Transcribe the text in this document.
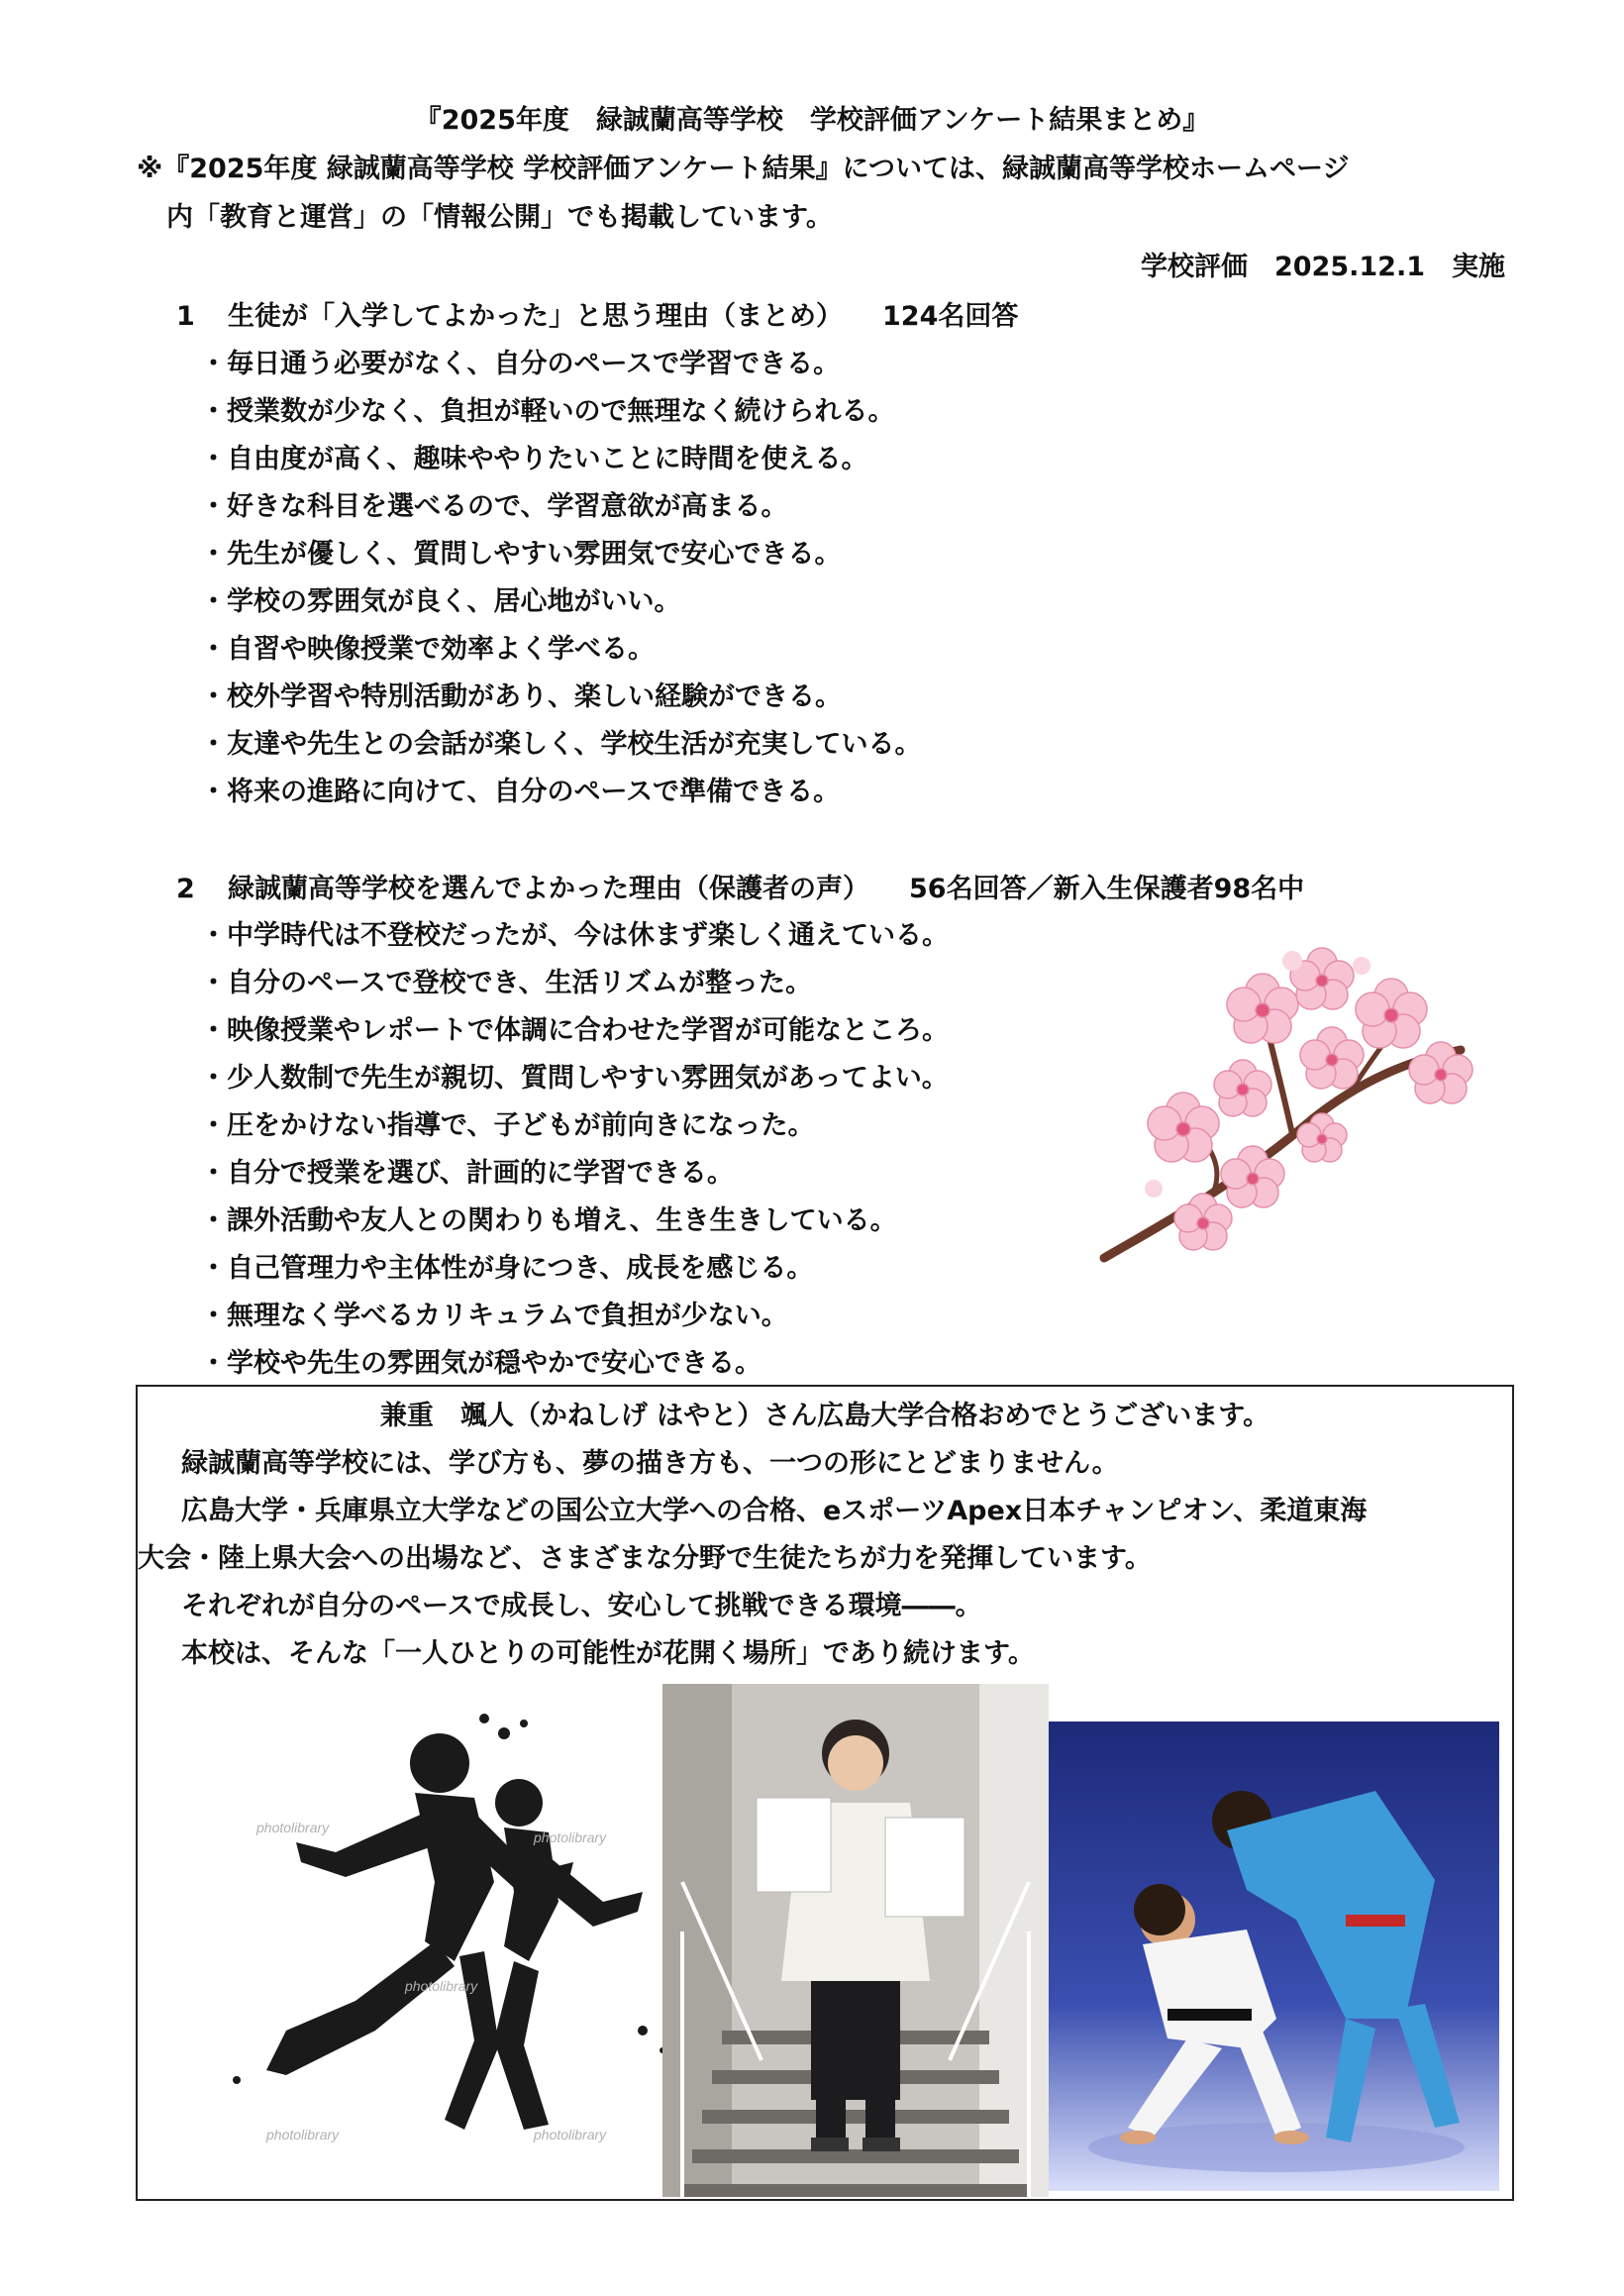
『2025年度　緑誠蘭高等学校　学校評価アンケート結果まとめ』
※『2025年度 緑誠蘭高等学校 学校評価アンケート結果』については、緑誠蘭高等学校ホームページ
内「教育と運営」の「情報公開」でも掲載しています。
学校評価　2025.12.1　実施
1 生徒が「入学してよかった」と思う理由（まとめ） 124名回答
・毎日通う必要がなく、自分のペースで学習できる。
・授業数が少なく、負担が軽いので無理なく続けられる。
・自由度が高く、趣味ややりたいことに時間を使える。
・好きな科目を選べるので、学習意欲が高まる。
・先生が優しく、質問しやすい雰囲気で安心できる。
・学校の雰囲気が良く、居心地がいい。
・自習や映像授業で効率よく学べる。
・校外学習や特別活動があり、楽しい経験ができる。
・友達や先生との会話が楽しく、学校生活が充実している。
・将来の進路に向けて、自分のペースで準備できる。
2 緑誠蘭高等学校を選んでよかった理由（保護者の声） 56名回答／新入生保護者98名中
・中学時代は不登校だったが、今は休まず楽しく通えている。
・自分のペースで登校でき、生活リズムが整った。
・映像授業やレポートで体調に合わせた学習が可能なところ。
・少人数制で先生が親切、質問しやすい雰囲気があってよい。
・圧をかけない指導で、子どもが前向きになった。
・自分で授業を選び、計画的に学習できる。
・課外活動や友人との関わりも増え、生き生きしている。
・自己管理力や主体性が身につき、成長を感じる。
・無理なく学べるカリキュラムで負担が少ない。
・学校や先生の雰囲気が穏やかで安心できる。
兼重　颯人（かねしげ はやと）さん広島大学合格おめでとうございます。
緑誠蘭高等学校には、学び方も、夢の描き方も、一つの形にとどまりません。
広島大学・兵庫県立大学などの国公立大学への合格、eスポーツApex日本チャンピオン、柔道東海
大会・陸上県大会への出場など、さまざまな分野で生徒たちが力を発揮しています。
それぞれが自分のペースで成長し、安心して挑戦できる環境――。
本校は、そんな「一人ひとりの可能性が花開く場所」であり続けます。
photolibrary
photolibrary
photolibrary
photolibrary	photolibrary
